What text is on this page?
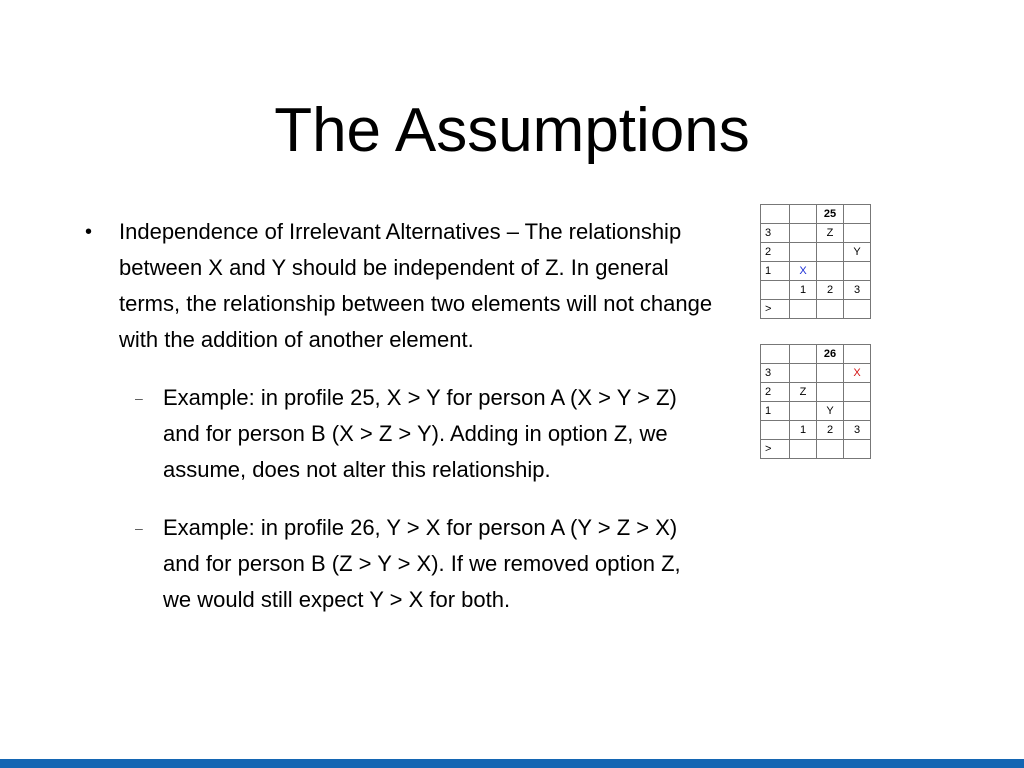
The Assumptions

• Independence of Irrelevant Alternatives – The relationship between X and Y should be independent of Z. In general terms, the relationship between two elements will not change with the addition of another element.

– Example: in profile 25, X > Y for person A (X > Y > Z) and for person B (X > Z > Y). Adding in option Z, we assume, does not alter this relationship.

– Example: in profile 26, Y > X for person A (Y > Z > X) and for person B (Z > Y > X). If we removed option Z, we would still expect Y > X for both.

		25	
3		Z	
2			Y
1	X		
	1	2	3
>			
		26	
3			X
2	Z		
1		Y	
	1	2	3
>			
